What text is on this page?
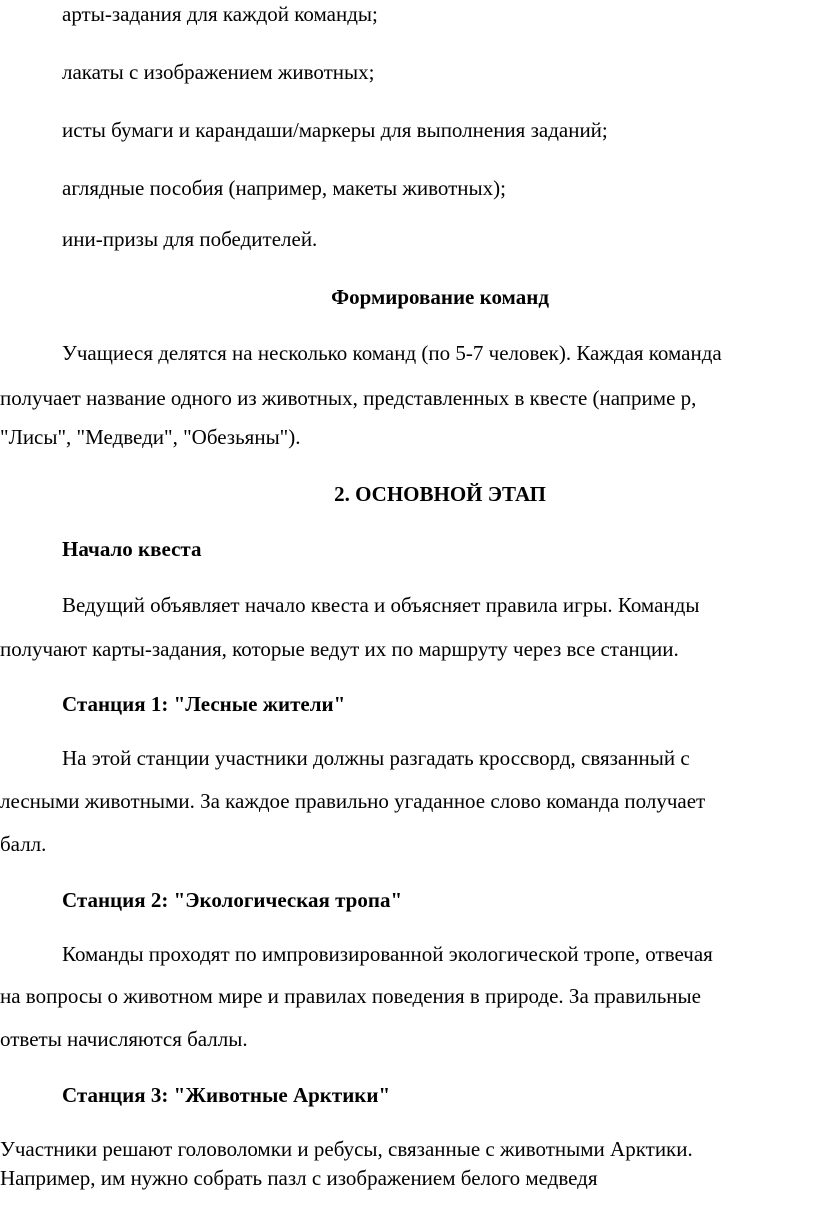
арты-задания для каждой команды;
лакаты с изображением животных;
исты бумаги и карандаши/маркеры для выполнения заданий;
аглядные пособия (например, макеты животных);
ини-призы для победителей.
Формирование команд
Учащиеся делятся на несколько команд (по 5-7 человек). Каждая команда
получает название одного из животных, представленных в квесте (наприме р,
"Лисы", "Медведи", "Обезьяны").
2. ОСНОВНОЙ ЭТАП
Начало квеста
Ведущий объявляет начало квеста и объясняет правила игры. Команды
получают карты-задания, которые ведут их по маршруту через все станции.
Станция 1: "Лесные жители"
На этой станции участники должны разгадать кроссворд, связанный с
лесными животными. За каждое правильно угаданное слово команда получает
балл.
Станция 2: "Экологическая тропа"
Команды проходят по импровизированной экологической тропе, отвечая
на вопросы о животном мире и правилах поведения в природе. За правильные
ответы начисляются баллы.
Станция 3: "Животные Арктики"
Участники решают головоломки и ребусы, связанные с животными Арктики.
Например, им нужно собрать пазл с изображением белого медведя
